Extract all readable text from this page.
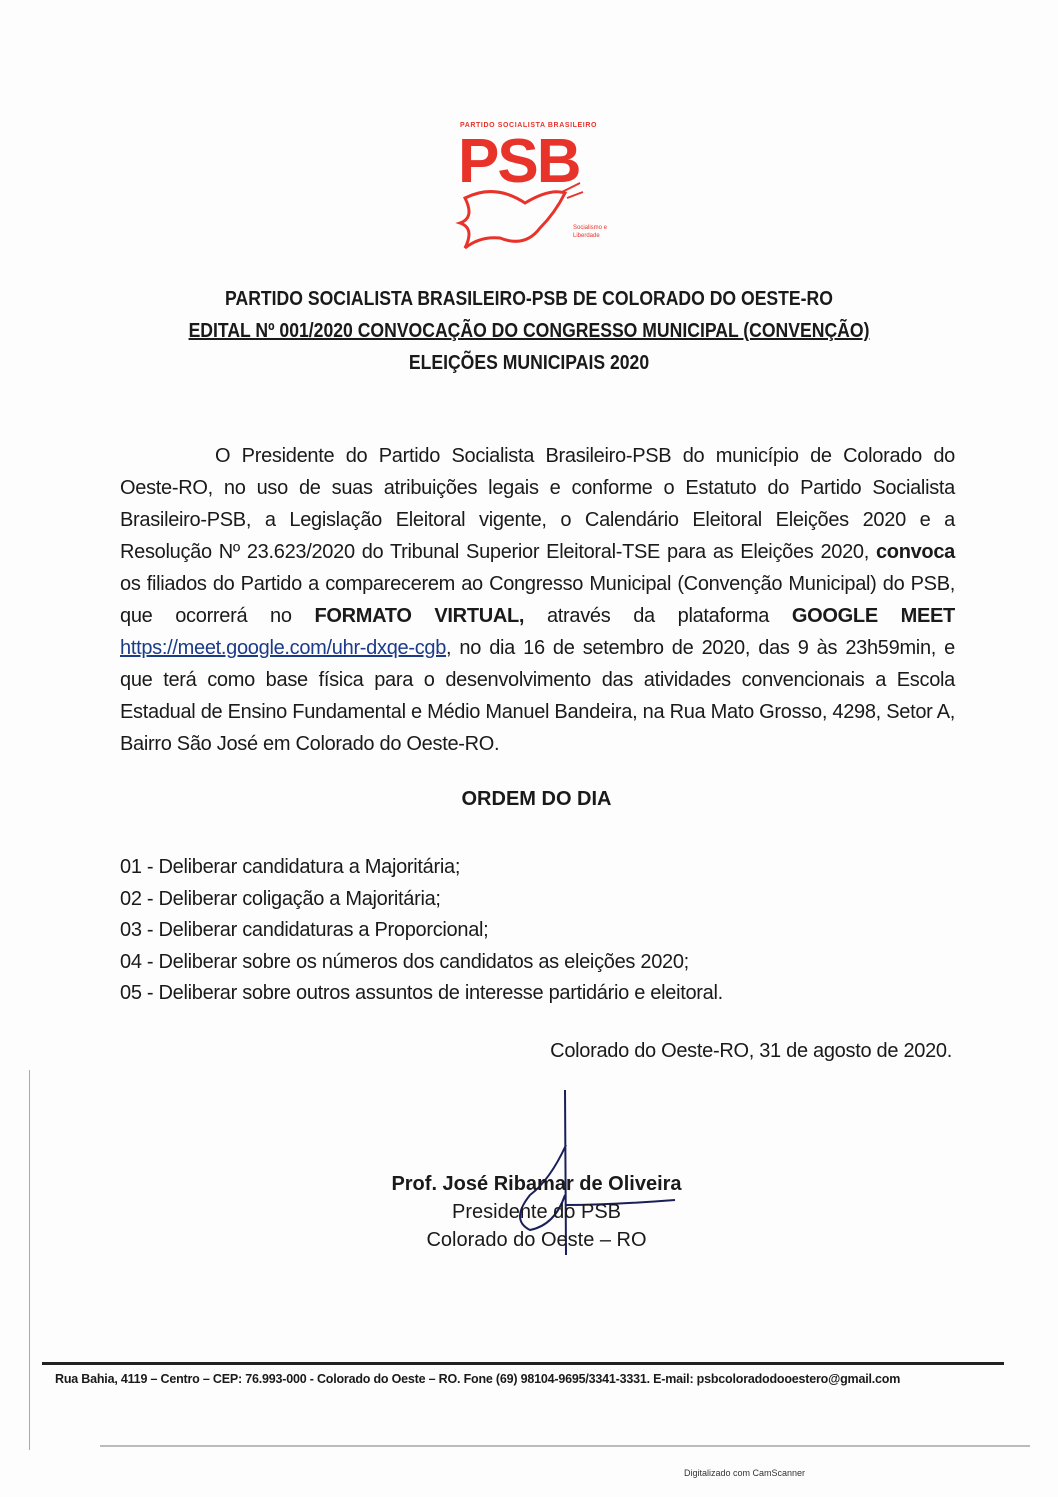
PARTIDO SOCIALISTA BRASILEIRO
PSB
Socialismo e Liberdade
PARTIDO SOCIALISTA BRASILEIRO-PSB DE COLORADO DO OESTE-RO
EDITAL Nº 001/2020 CONVOCAÇÃO DO CONGRESSO MUNICIPAL (CONVENÇÃO)
ELEIÇÕES MUNICIPAIS 2020
O Presidente do Partido Socialista Brasileiro-PSB do município de Colorado do Oeste-RO, no uso de suas atribuições legais e conforme o Estatuto do Partido Socialista Brasileiro-PSB, a Legislação Eleitoral vigente, o Calendário Eleitoral Eleições 2020 e a Resolução Nº 23.623/2020 do Tribunal Superior Eleitoral-TSE para as Eleições 2020, convoca os filiados do Partido a comparecerem ao Congresso Municipal (Convenção Municipal) do PSB, que ocorrerá no FORMATO VIRTUAL, através da plataforma GOOGLE MEET https://meet.google.com/uhr-dxqe-cgb, no dia 16 de setembro de 2020, das 9 às 23h59min, e que terá como base física para o desenvolvimento das atividades convencionais a Escola Estadual de Ensino Fundamental e Médio Manuel Bandeira, na Rua Mato Grosso, 4298, Setor A, Bairro São José em Colorado do Oeste-RO.
ORDEM DO DIA
01 - Deliberar candidatura a Majoritária;
02 - Deliberar coligação a Majoritária;
03 - Deliberar candidaturas a Proporcional;
04 - Deliberar sobre os números dos candidatos as eleições 2020;
05 - Deliberar sobre outros assuntos de interesse partidário e eleitoral.
Colorado do Oeste-RO, 31 de agosto de 2020.
Prof. José Ribamar de Oliveira
Presidente do PSB
Colorado do Oeste – RO
Rua Bahia, 4119 – Centro – CEP: 76.993-000 - Colorado do Oeste – RO. Fone (69) 98104-9695/3341-3331. E-mail: psbcoloradodooestero@gmail.com
Digitalizado com CamScanner
